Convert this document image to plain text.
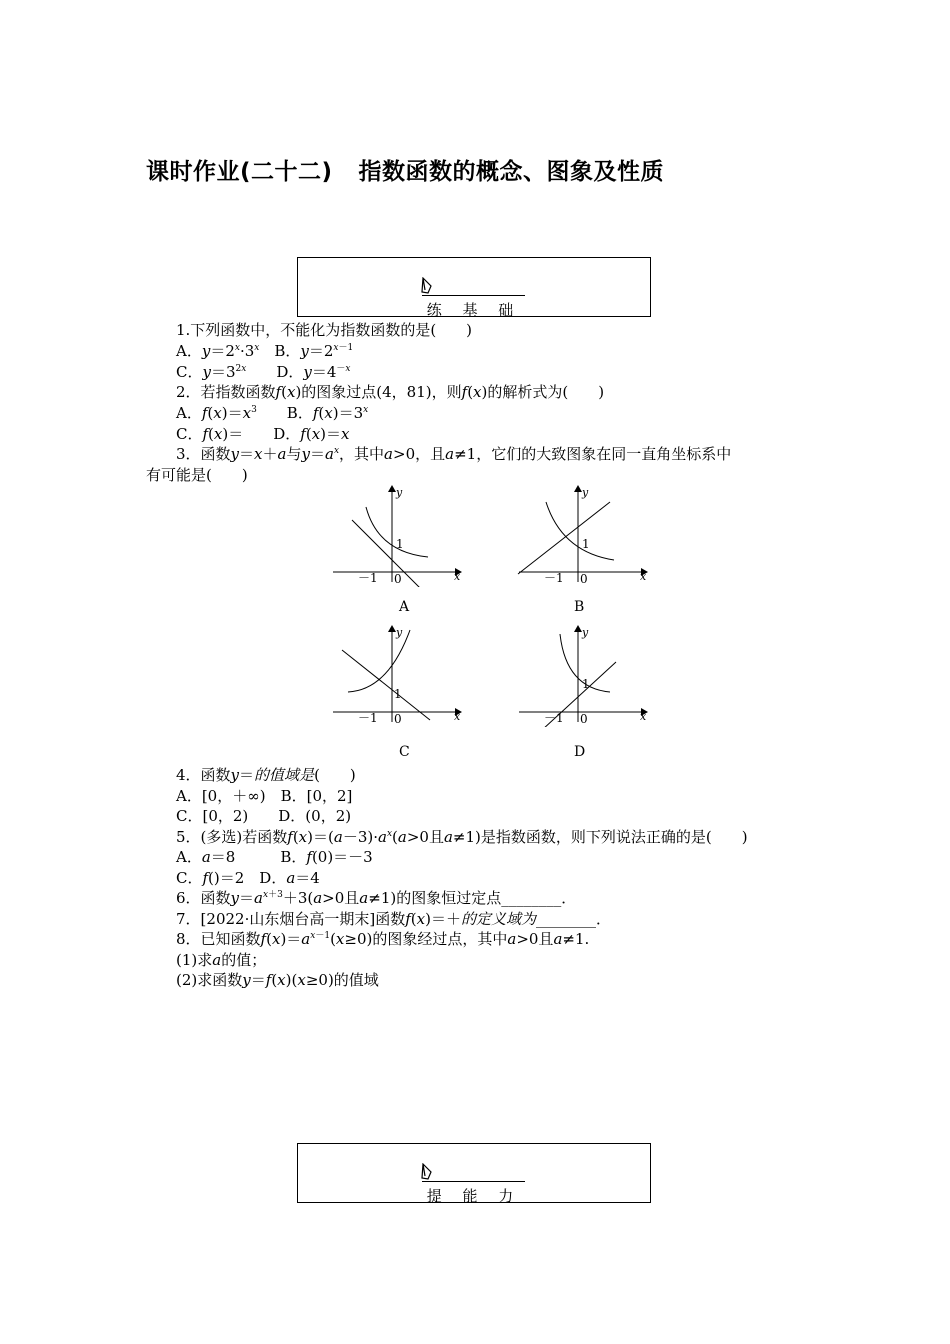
课时作业(二十二) 指数函数的概念、图象及性质
练 基 础
1.下列函数中，不能化为指数函数的是(　　)
A．$y=2^x\cdot 3^x$　B．$y=2^{x-1}$
C．$y=3^{2x}$　　D．$y=4^{-x}$
2．若指数函数f(x)的图象过点(4，81)，则f(x)的解析式为(　　)
A．$f(x)=x^3$　　B．$f(x)=3^x$
C．f(x)＝　　D．f(x)＝x
3．函数y＝x＋a与$y=a^x$，其中a>0，且a≠1，它们的大致图象在同一直角坐标系中
有可能是(　　)
1
－1 0	x
y
A
1
－1 0	x
y
B
1
－1 0	x
y
C
1
－1 0	x
y
D
4．函数y＝的值域是(　　)
A．[0，＋∞)　B．[0，2]
C．[0，2)　　D．(0，2)
5．(多选)若函数$f(x)=(a-3)\cdot a^x(a>0$且a≠1)是指数函数，则下列说法正确的是(　　)
A．a＝8　　　B．f(0)＝－3
C．f()＝2　D．a＝4
6．函数$y=a^{x+3}+3(a>0$且a≠1)的图象恒过定点________．
7．[2022·山东烟台高一期末]函数f(x)＝＋的定义域为________．
8．已知函数$f(x)=a^{x-1}(x\ge 0)$的图象经过点，其中a>0且a≠1.
(1)求a的值；
(2)求函数y＝f(x)(x≥0)的值域
提 能 力
